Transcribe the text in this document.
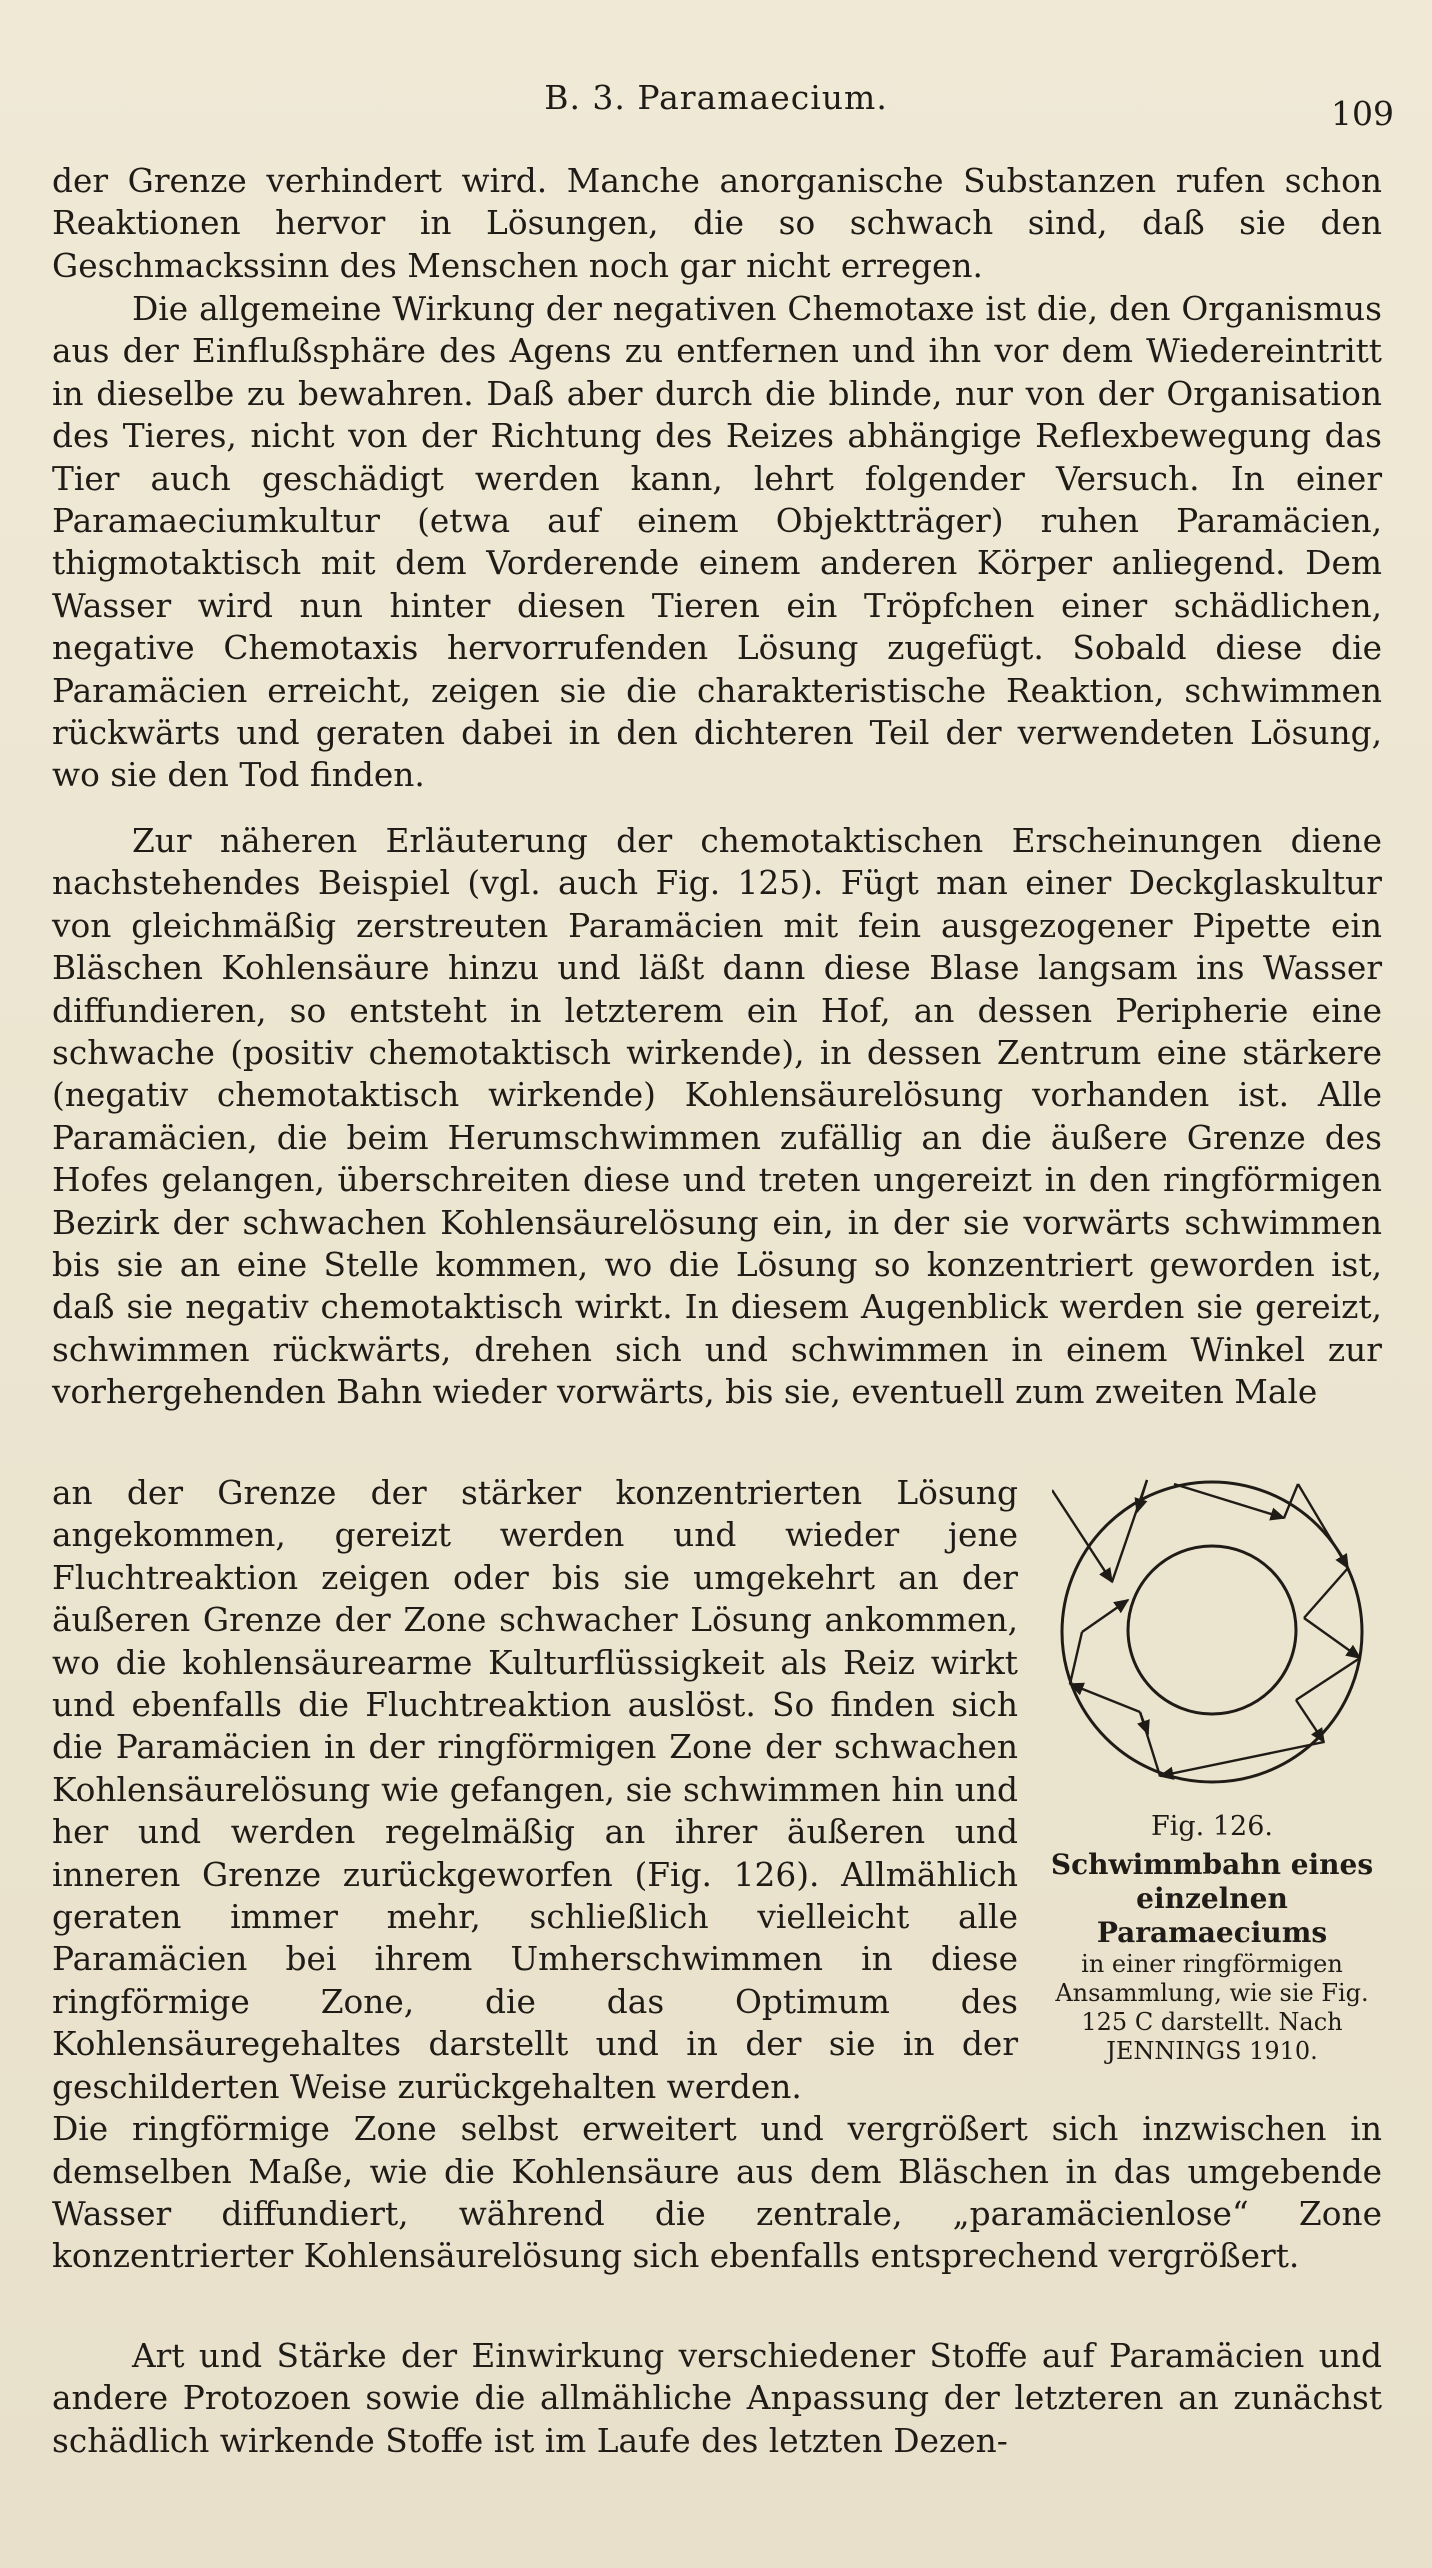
B. 3. Paramaecium.	109

der Grenze verhindert wird. Manche anorganische Substanzen rufen schon Reaktionen hervor in Lösungen, die so schwach sind, daß sie den Geschmackssinn des Menschen noch gar nicht erregen.

Die allgemeine Wirkung der negativen Chemotaxe ist die, den Organismus aus der Einflußsphäre des Agens zu entfernen und ihn vor dem Wiedereintritt in dieselbe zu bewahren. Daß aber durch die blinde, nur von der Organisation des Tieres, nicht von der Richtung des Reizes abhängige Reflexbewegung das Tier auch geschädigt werden kann, lehrt folgender Versuch. In einer Paramaeciumkultur (etwa auf einem Objektträger) ruhen Paramäcien, thigmotaktisch mit dem Vorderende einem anderen Körper anliegend. Dem Wasser wird nun hinter diesen Tieren ein Tröpfchen einer schädlichen, negative Chemotaxis hervorrufenden Lösung zugefügt. Sobald diese die Paramäcien erreicht, zeigen sie die charakteristische Reaktion, schwimmen rückwärts und geraten dabei in den dichteren Teil der verwendeten Lösung, wo sie den Tod finden.

Zur näheren Erläuterung der chemotaktischen Erscheinungen diene nachstehendes Beispiel (vgl. auch Fig. 125). Fügt man einer Deckglaskultur von gleichmäßig zerstreuten Paramäcien mit fein ausgezogener Pipette ein Bläschen Kohlensäure hinzu und läßt dann diese Blase langsam ins Wasser diffundieren, so entsteht in letzterem ein Hof, an dessen Peripherie eine schwache (positiv chemotaktisch wirkende), in dessen Zentrum eine stärkere (negativ chemotaktisch wirkende) Kohlensäurelösung vorhanden ist. Alle Paramäcien, die beim Herumschwimmen zufällig an die äußere Grenze des Hofes gelangen, überschreiten diese und treten ungereizt in den ringförmigen Bezirk der schwachen Kohlensäurelösung ein, in der sie vorwärts schwimmen bis sie an eine Stelle kommen, wo die Lösung so konzentriert geworden ist, daß sie negativ chemotaktisch wirkt. In diesem Augenblick werden sie gereizt, schwimmen rückwärts, drehen sich und schwimmen in einem Winkel zur vorhergehenden Bahn wieder vorwärts, bis sie, eventuell zum zweiten Male

Fig. 126.
Schwimmbahn eines einzelnen Paramaeciums
in einer ringförmigen Ansammlung, wie sie Fig. 125 C darstellt. Nach JENNINGS 1910.

an der Grenze der stärker konzentrierten Lösung angekommen, gereizt werden und wieder jene Fluchtreaktion zeigen oder bis sie umgekehrt an der äußeren Grenze der Zone schwacher Lösung ankommen, wo die kohlensäurearme Kulturflüssigkeit als Reiz wirkt und ebenfalls die Fluchtreaktion auslöst. So finden sich die Paramäcien in der ringförmigen Zone der schwachen Kohlensäurelösung wie gefangen, sie schwimmen hin und her und werden regelmäßig an ihrer äußeren und inneren Grenze zurückgeworfen (Fig. 126). Allmählich geraten immer mehr, schließlich vielleicht alle Paramäcien bei ihrem Umherschwimmen in diese ringförmige Zone, die das Optimum des Kohlensäuregehaltes darstellt und in der sie in der geschilderten Weise zurückgehalten werden.

Die ringförmige Zone selbst erweitert und vergrößert sich inzwischen in demselben Maße, wie die Kohlensäure aus dem Bläschen in das umgebende Wasser diffundiert, während die zentrale, „paramäcienlose“ Zone konzentrierter Kohlensäurelösung sich ebenfalls entsprechend vergrößert.

Art und Stärke der Einwirkung verschiedener Stoffe auf Paramäcien und andere Protozoen sowie die allmähliche Anpassung der letzteren an zunächst schädlich wirkende Stoffe ist im Laufe des letzten Dezen-
